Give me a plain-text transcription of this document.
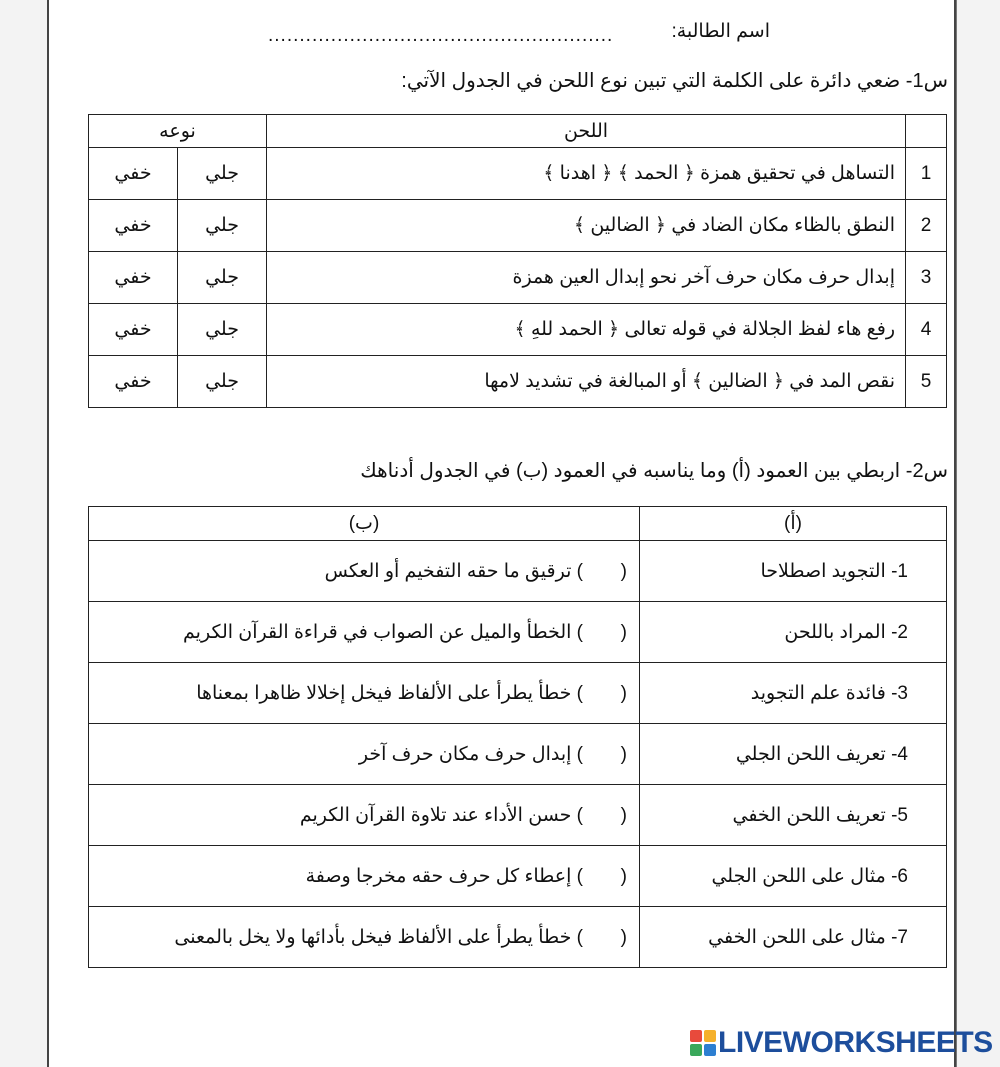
اسم الطالبة:
.......................................................
س1- ضعي دائرة على الكلمة التي تبين نوع اللحن في الجدول الآتي:
نوعه		اللحن	
خفي	جلي	التساهل في تحقيق همزة ﴿ الحمد ﴾ ﴿ اهدنا ﴾	1
خفي	جلي	النطق بالظاء مكان الضاد في ﴿ الضالين ﴾	2
خفي	جلي	إبدال حرف مكان حرف آخر نحو إبدال العين همزة	3
خفي	جلي	رفع هاء لفظ الجلالة في قوله تعالى ﴿ الحمد للهِ ﴾	4
خفي	جلي	نقص المد في ﴿ الضالين ﴾ أو المبالغة في تشديد لامها	5
س2- اربطي بين العمود (أ) وما يناسبه في العمود (ب) في الجدول أدناهك
(ب)	(أ)
() ترقيق ما حقه التفخيم أو العكس	1- التجويد اصطلاحا
() الخطأ والميل عن الصواب في قراءة القرآن الكريم	2- المراد باللحن
() خطأ يطرأ على الألفاظ فيخل إخلالا ظاهرا بمعناها	3- فائدة علم التجويد
() إبدال حرف مكان حرف آخر	4- تعريف اللحن الجلي
() حسن الأداء عند تلاوة القرآن الكريم	5- تعريف اللحن الخفي
() إعطاء كل حرف حقه مخرجا وصفة	6- مثال على اللحن الجلي
() خطأ يطرأ على الألفاظ فيخل بأدائها ولا يخل بالمعنى	7- مثال على اللحن الخفي
LIVEWORKSHEETS
